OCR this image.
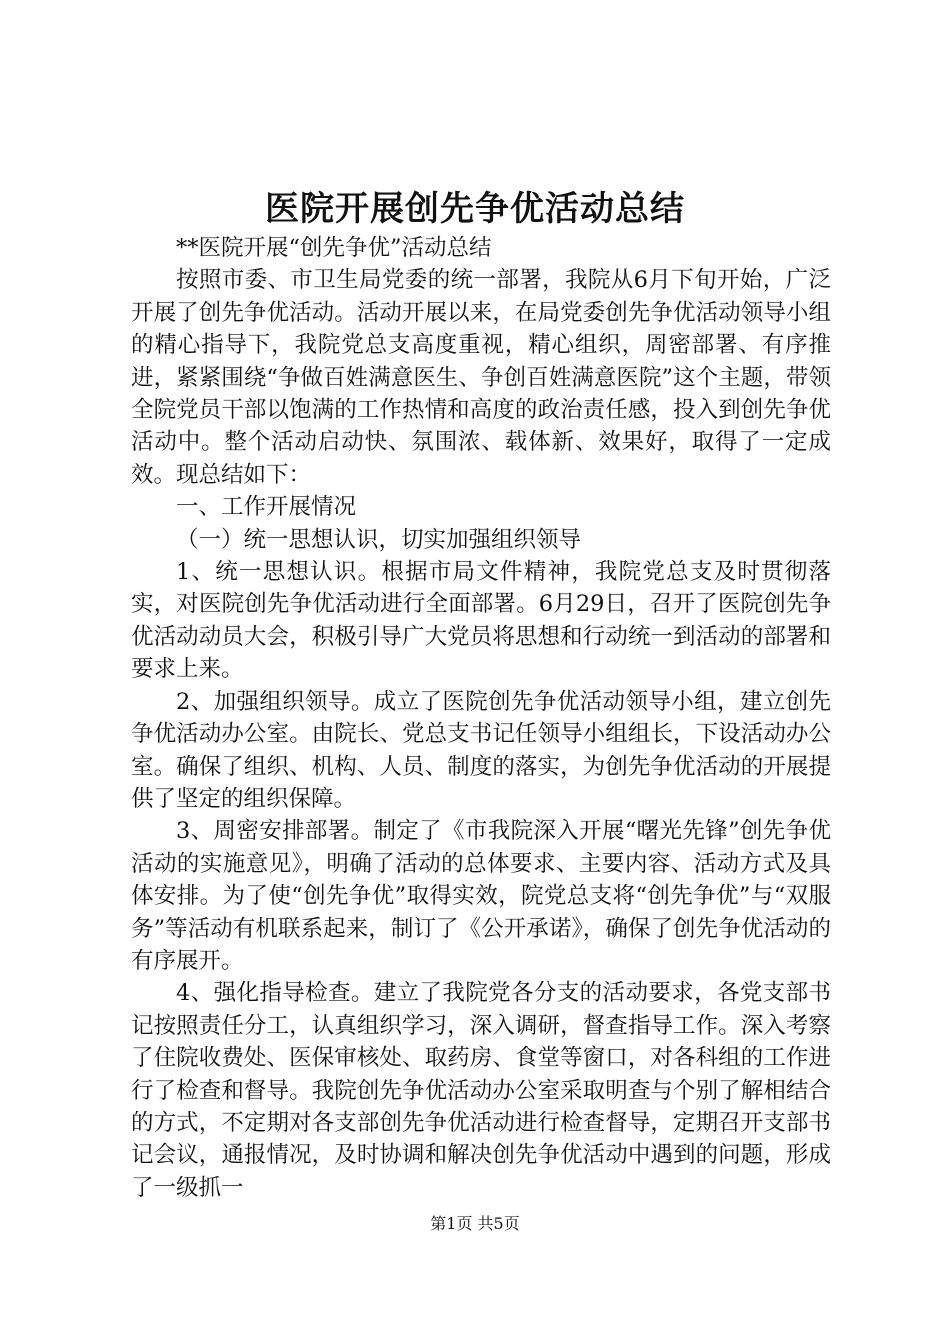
医院开展创先争优活动总结

**医院开展“创先争优”活动总结

按照市委、市卫生局党委的统一部署，我院从6月下旬开始，广泛开展了创先争优活动。活动开展以来，在局党委创先争优活动领导小组的精心指导下，我院党总支高度重视，精心组织，周密部署、有序推进，紧紧围绕“争做百姓满意医生、争创百姓满意医院”这个主题，带领全院党员干部以饱满的工作热情和高度的政治责任感，投入到创先争优活动中。整个活动启动快、氛围浓、载体新、效果好，取得了一定成效。现总结如下：

一、工作开展情况

（一）统一思想认识，切实加强组织领导

1、统一思想认识。根据市局文件精神，我院党总支及时贯彻落实，对医院创先争优活动进行全面部署。6月29日，召开了医院创先争优活动动员大会，积极引导广大党员将思想和行动统一到活动的部署和要求上来。

2、加强组织领导。成立了医院创先争优活动领导小组，建立创先争优活动办公室。由院长、党总支书记任领导小组组长，下设活动办公室。确保了组织、机构、人员、制度的落实，为创先争优活动的开展提供了坚定的组织保障。

3、周密安排部署。制定了《市我院深入开展“曙光先锋”创先争优活动的实施意见》，明确了活动的总体要求、主要内容、活动方式及具体安排。为了使“创先争优”取得实效，院党总支将“创先争优”与“双服务”等活动有机联系起来，制订了《公开承诺》，确保了创先争优活动的有序展开。

4、强化指导检查。建立了我院党各分支的活动要求，各党支部书记按照责任分工，认真组织学习，深入调研，督查指导工作。深入考察了住院收费处、医保审核处、取药房、食堂等窗口，对各科组的工作进行了检查和督导。我院创先争优活动办公室采取明查与个别了解相结合的方式，不定期对各支部创先争优活动进行检查督导，定期召开支部书记会议，通报情况，及时协调和解决创先争优活动中遇到的问题，形成了一级抓一

第1页 共5页
